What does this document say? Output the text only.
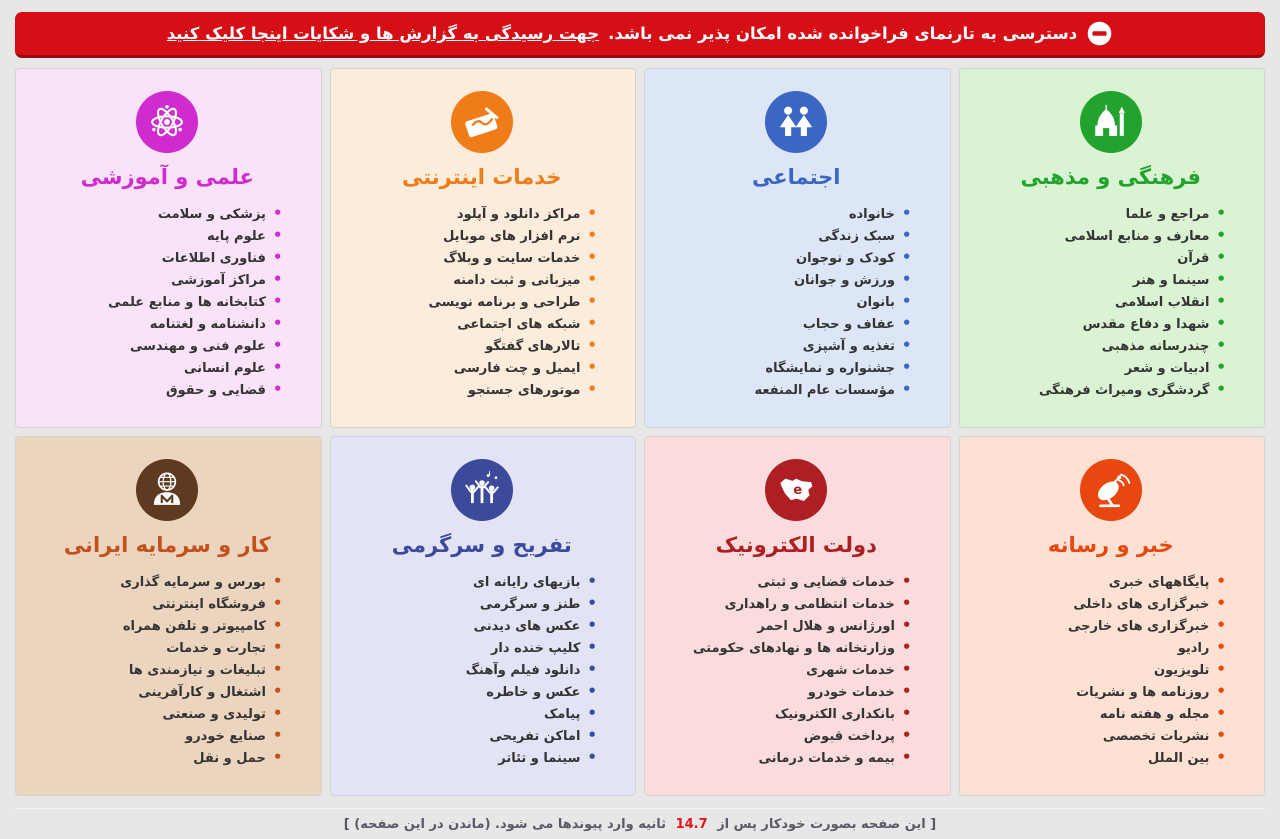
دسترسی به تارنمای فراخوانده شده امکان پذیر نمی باشد.
جهت رسیدگی به گزارش ها و شکایات اینجا کلیک کنید
فرهنگی و مذهبی
• مراجع و علما
• معارف و منابع اسلامی
• قرآن
• سینما و هنر
• انقلاب اسلامی
• شهدا و دفاع مقدس
• چندرسانه مذهبی
• ادبیات و شعر
• گردشگری ومیراث فرهنگی
اجتماعی
• خانواده
• سبک زندگی
• کودک و نوجوان
• ورزش و جوانان
• بانوان
• عفاف و حجاب
• تغذیه و آشپزی
• جشنواره و نمایشگاه
• مؤسسات عام المنفعه
خدمات اینترنتی
• مراکز دانلود و آپلود
• نرم افزار های موبایل
• خدمات سایت و وبلاگ
• میزبانی و ثبت دامنه
• طراحی و برنامه نویسی
• شبکه های اجتماعی
• تالارهای گفتگو
• ایمیل و چت فارسی
• موتورهای جستجو
علمی و آموزشی
• پزشکی و سلامت
• علوم پایه
• فناوری اطلاعات
• مراکز آموزشی
• کتابخانه ها و منابع علمی
• دانشنامه و لغتنامه
• علوم فنی و مهندسی
• علوم انسانی
• قضایی و حقوق
خبر و رسانه
• پایگاههای خبری
• خبرگزاری های داخلی
• خبرگزاری های خارجی
• رادیو
• تلویزیون
• روزنامه ها و نشریات
• مجله و هفته نامه
• نشریات تخصصی
• بین الملل
e
دولت الکترونیک
• خدمات قضایی و ثبتی
• خدمات انتظامی و راهداری
• اورژانس و هلال احمر
• وزارتخانه ها و نهادهای حکومتی
• خدمات شهری
• خدمات خودرو
• بانکداری الکترونیک
• پرداخت قبوض
• بیمه و خدمات درمانی
تفریح و سرگرمی
• بازیهای رایانه ای
• طنز و سرگرمی
• عکس های دیدنی
• کلیپ خنده دار
• دانلود فیلم وآهنگ
• عکس و خاطره
• پیامک
• اماکن تفریحی
• سینما و تئاتر
کار و سرمایه ایرانی
• بورس و سرمایه گذاری
• فروشگاه اینترنتی
• کامپیوتر و تلفن همراه
• تجارت و خدمات
• تبلیغات و نیازمندی ها
• اشتغال و کارآفرینی
• تولیدی و صنعتی
• صنایع خودرو
• حمل و نقل
[ این صفحه بصورت خودکار پس از 14.7 ثانیه وارد پیوندها می شود. (ماندن در این صفحه) ]
